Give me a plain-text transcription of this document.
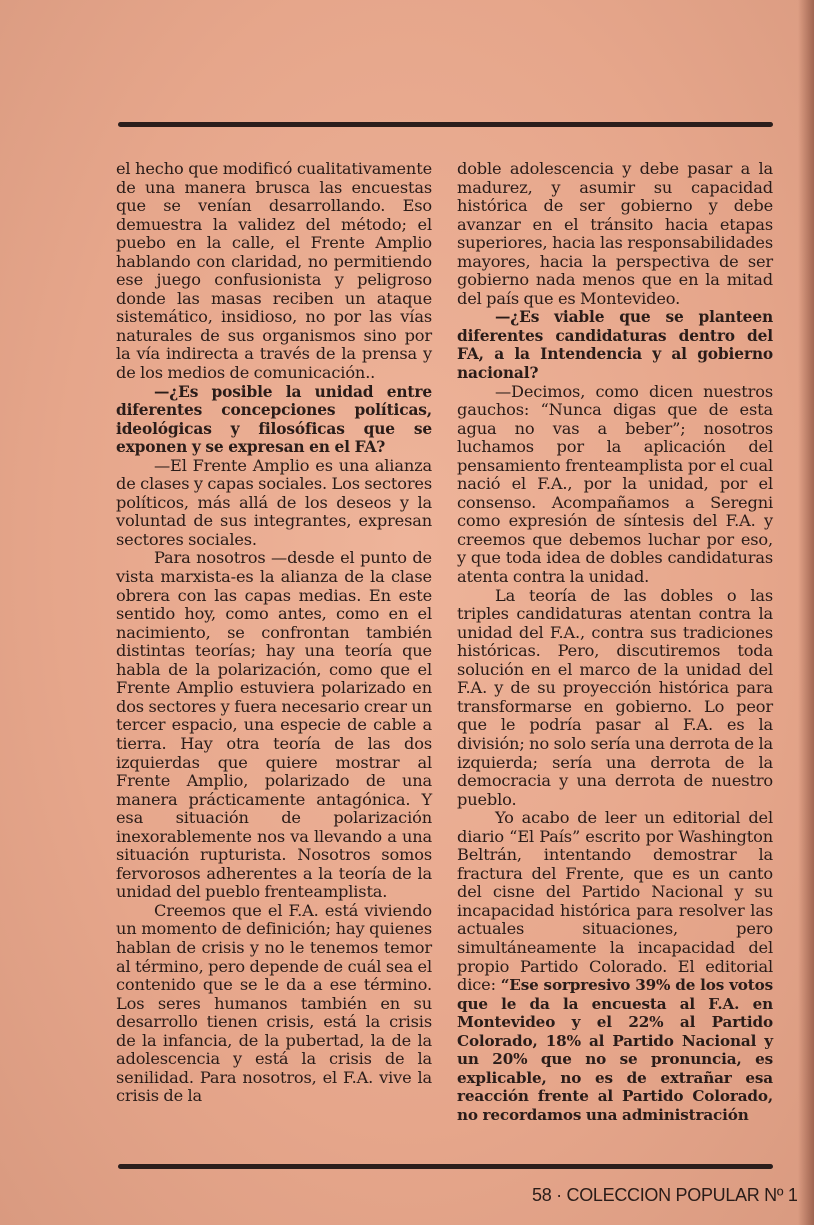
el hecho que modificó cualitativamente de una manera brusca las encuestas que se venían desarrollando. Eso demuestra la validez del método; el puebo en la calle, el Frente Amplio hablando con claridad, no permitiendo ese juego confusionista y peligroso donde las masas reciben un ataque sistemático, insidioso, no por las vías naturales de sus organismos sino por la vía indirecta a través de la prensa y de los medios de comunicación..

—¿Es posible la unidad entre diferentes concepciones políticas, ideológicas y filosóficas que se exponen y se expresan en el FA?

—El Frente Amplio es una alianza de clases y capas sociales. Los sectores políticos, más allá de los deseos y la voluntad de sus integrantes, expresan sectores sociales.

Para nosotros —desde el punto de vista marxista-es la alianza de la clase obrera con las capas medias. En este sentido hoy, como antes, como en el nacimiento, se confrontan también distintas teorías; hay una teoría que habla de la polarización, como que el Frente Amplio estuviera polarizado en dos sectores y fuera necesario crear un tercer espacio, una especie de cable a tierra. Hay otra teoría de las dos izquierdas que quiere mostrar al Frente Amplio, polarizado de una manera prácticamente antagónica. Y esa situación de polarización inexorablemente nos va llevando a una situación rupturista. Nosotros somos fervorosos adherentes a la teoría de la unidad del pueblo frenteamplista.

Creemos que el F.A. está viviendo un momento de definición; hay quienes hablan de crisis y no le tenemos temor al término, pero depende de cuál sea el contenido que se le da a ese término. Los seres humanos también en su desarrollo tienen crisis, está la crisis de la infancia, de la pubertad, la de la adolescencia y está la crisis de la senilidad. Para nosotros, el F.A. vive la crisis de la

doble adolescencia y debe pasar a la madurez, y asumir su capacidad histórica de ser gobierno y debe avanzar en el tránsito hacia etapas superiores, hacia las responsabilidades mayores, hacia la perspectiva de ser gobierno nada menos que en la mitad del país que es Montevideo.

—¿Es viable que se planteen diferentes candidaturas dentro del FA, a la Intendencia y al gobierno nacional?

—Decimos, como dicen nuestros gauchos: “Nunca digas que de esta agua no vas a beber”; nosotros luchamos por la aplicación del pensamiento frenteamplista por el cual nació el F.A., por la unidad, por el consenso. Acompañamos a Seregni como expresión de síntesis del F.A. y creemos que debemos luchar por eso, y que toda idea de dobles candidaturas atenta contra la unidad.

La teoría de las dobles o las triples candidaturas atentan contra la unidad del F.A., contra sus tradiciones históricas. Pero, discutiremos toda solución en el marco de la unidad del F.A. y de su proyección histórica para transformarse en gobierno. Lo peor que le podría pasar al F.A. es la división; no solo sería una derrota de la izquierda; sería una derrota de la democracia y una derrota de nuestro pueblo.

Yo acabo de leer un editorial del diario “El País” escrito por Washington Beltrán, intentando demostrar la fractura del Frente, que es un canto del cisne del Partido Nacional y su incapacidad histórica para resolver las actuales situaciones, pero simultáneamente la incapacidad del propio Partido Colorado. El editorial dice: “Ese sorpresivo 39% de los votos que le da la encuesta al F.A. en Montevideo y el 22% al Partido Colorado, 18% al Partido Nacional y un 20% que no se pronuncia, es explicable, no es de extrañar esa reacción frente al Partido Colorado, no recordamos una administración

58 · COLECCION POPULAR Nº 1
